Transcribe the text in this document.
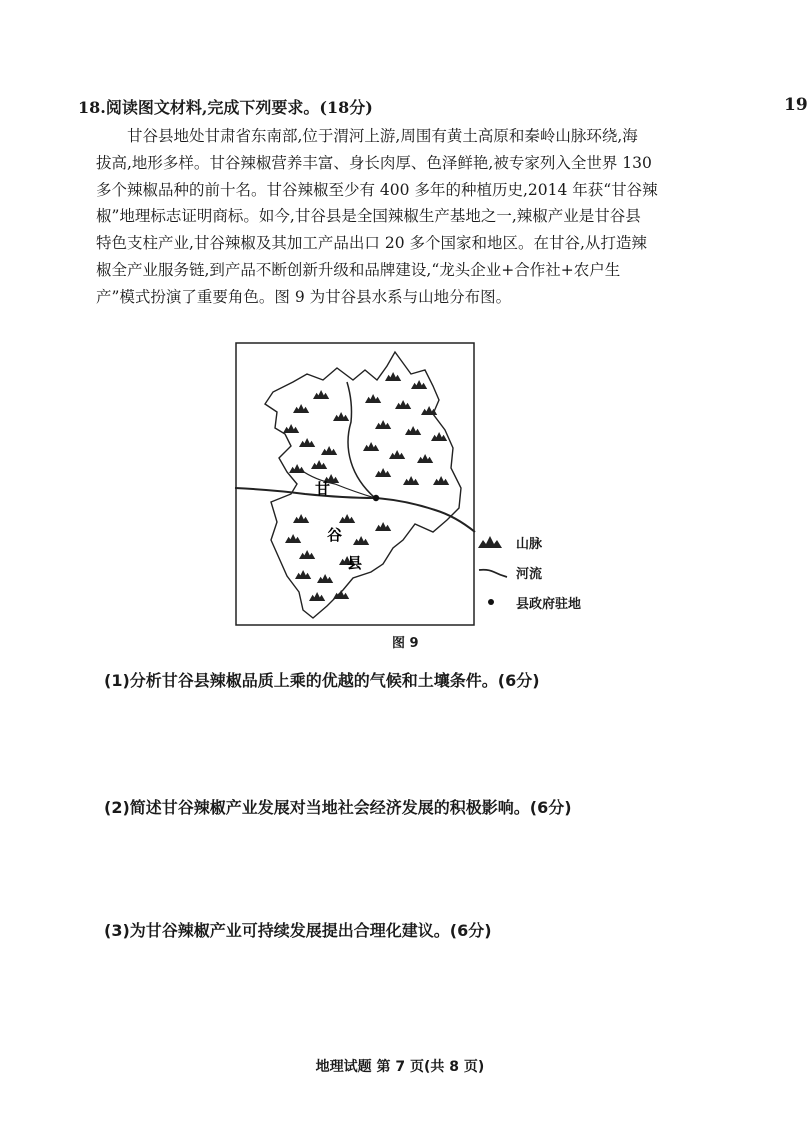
18.阅读图文材料,完成下列要求。(18分)	19

甘谷县地处甘肃省东南部,位于渭河上游,周围有黄土高原和秦岭山脉环绕,海

拔高,地形多样。甘谷辣椒营养丰富、身长肉厚、色泽鲜艳,被专家列入全世界 130

多个辣椒品种的前十名。甘谷辣椒至少有 400 多年的种植历史,2014 年获“甘谷辣

椒”地理标志证明商标。如今,甘谷县是全国辣椒生产基地之一,辣椒产业是甘谷县

特色支柱产业,甘谷辣椒及其加工产品出口 20 多个国家和地区。在甘谷,从打造辣

椒全产业服务链,到产品不断创新升级和品牌建设,“龙头企业+合作社+农户生

产”模式扮演了重要角色。图 9 为甘谷县水系与山地分布图。

甘
谷
县
山脉
河流
县政府驻地
图 9
(1)分析甘谷县辣椒品质上乘的优越的气候和土壤条件。(6分)
(2)简述甘谷辣椒产业发展对当地社会经济发展的积极影响。(6分)
(3)为甘谷辣椒产业可持续发展提出合理化建议。(6分)
地理试题 第 7 页(共 8 页)
